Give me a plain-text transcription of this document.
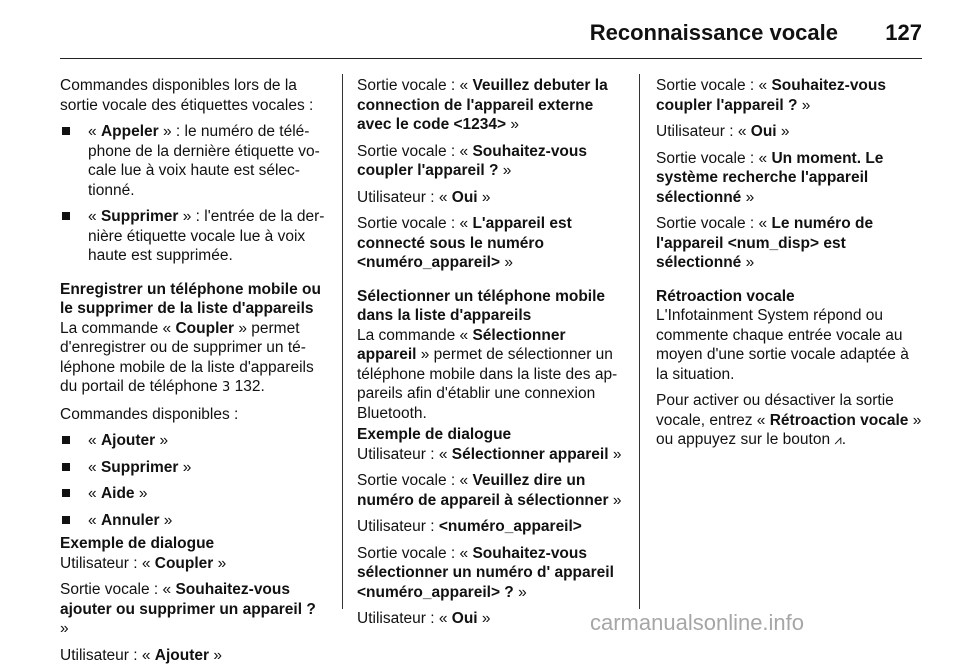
Reconnaissance vocale 127

Commandes disponibles lors de la sortie vocale des étiquettes vocales :

« Appeler » : le numéro de télé-phone de la dernière étiquette vo-cale lue à voix haute est sélec-tionné.
« Supprimer » : l'entrée de la der-nière étiquette vocale lue à voix haute est supprimée.

Enregistrer un téléphone mobile ou le supprimer de la liste d'appareils

La commande « Coupler » permet d'enregistrer ou de supprimer un té-léphone mobile de la liste d'appareils du portail de téléphone 3 132.

Commandes disponibles :

« Ajouter »
« Supprimer »
« Aide »
« Annuler »

Exemple de dialogue

Utilisateur : « Coupler »

Sortie vocale : « Souhaitez-vous ajouter ou supprimer un appareil ? »

Utilisateur : « Ajouter »

Sortie vocale : « Veuillez debuter la connection de l'appareil externe avec le code <1234> »

Sortie vocale : « Souhaitez-vous coupler l'appareil ? »

Utilisateur : « Oui »

Sortie vocale : « L'appareil est connecté sous le numéro <numéro_appareil> »

Sélectionner un téléphone mobile dans la liste d'appareils

La commande « Sélectionner appareil » permet de sélectionner un téléphone mobile dans la liste des ap-pareils afin d'établir une connexion Bluetooth.

Exemple de dialogue

Utilisateur : « Sélectionner appareil »

Sortie vocale : « Veuillez dire un numéro de appareil à sélectionner »

Utilisateur : <numéro_appareil>

Sortie vocale : « Souhaitez-vous sélectionner un numéro d' appareil <numéro_appareil> ? »

Utilisateur : « Oui »

Sortie vocale : « Souhaitez-vous coupler l'appareil ? »

Utilisateur : « Oui »

Sortie vocale : « Un moment. Le système recherche l'appareil sélectionné »

Sortie vocale : « Le numéro de l'appareil <num_disp> est sélectionné »

Rétroaction vocale

L'Infotainment System répond ou commente chaque entrée vocale au moyen d'une sortie vocale adaptée à la situation.

Pour activer ou désactiver la sortie vocale, entrez « Rétroaction vocale » ou appuyez sur le bouton ⩘.

carmanualsonline.info
